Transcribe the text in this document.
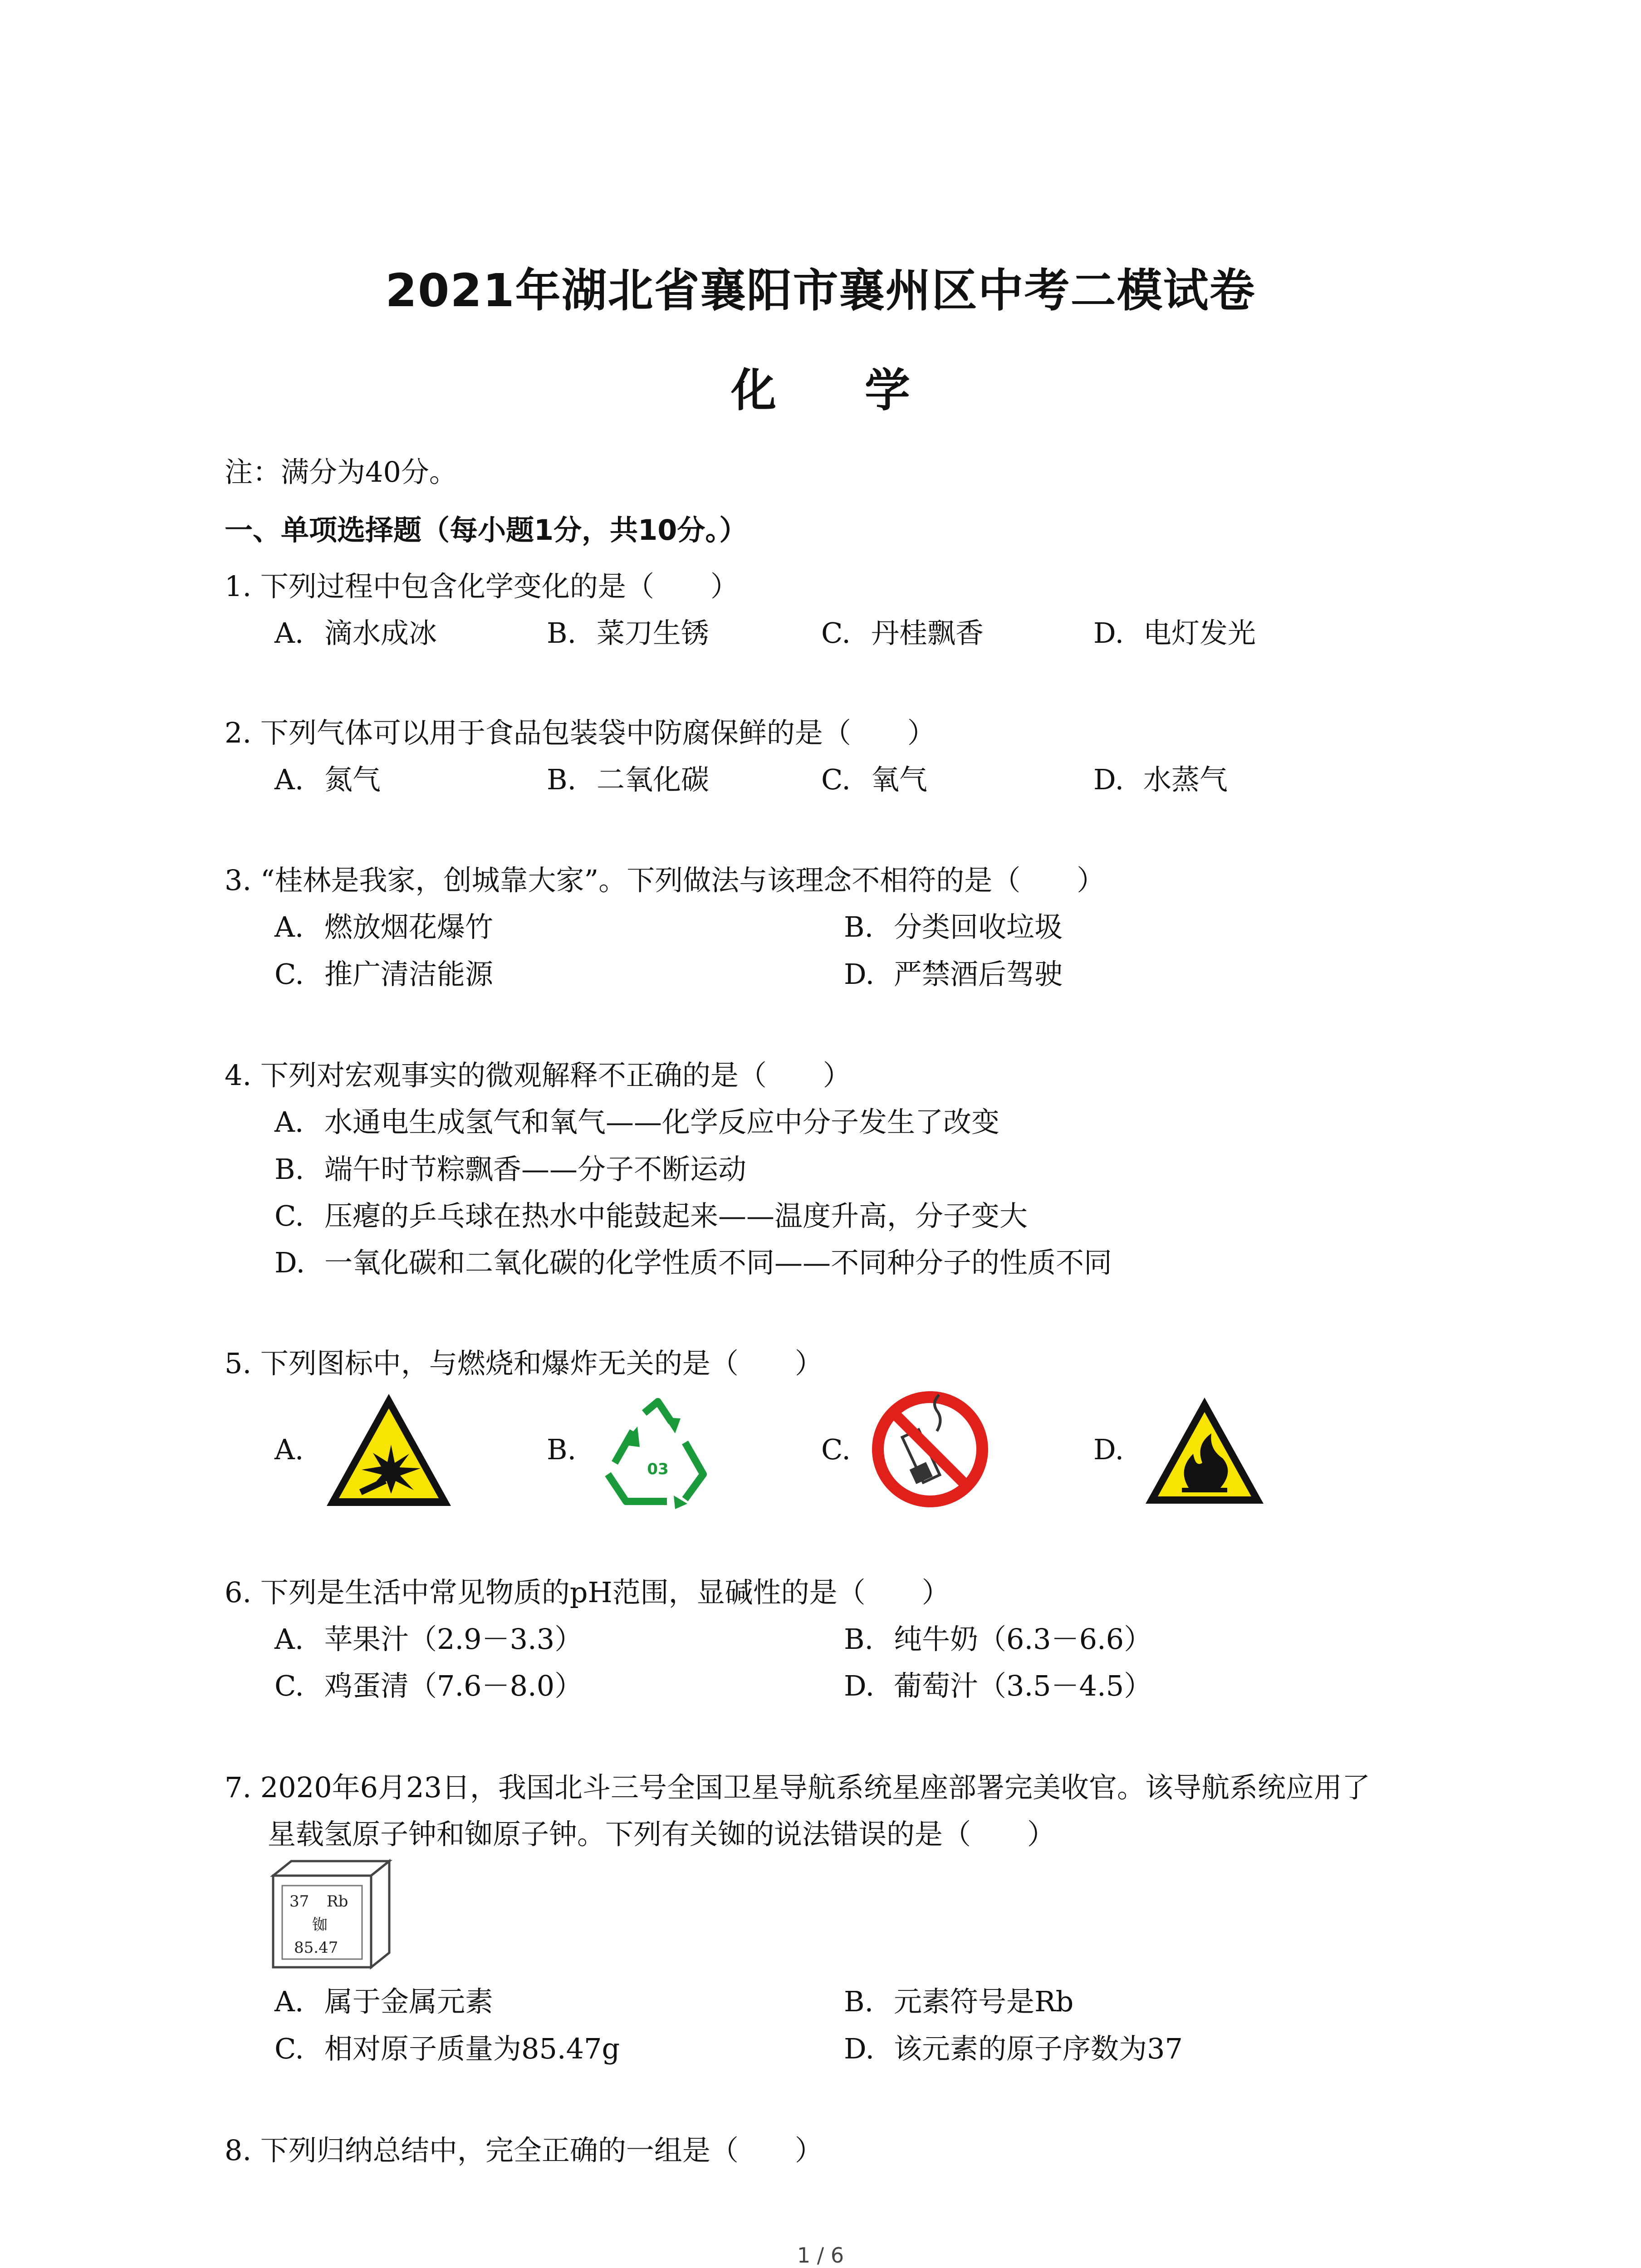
2021年湖北省襄阳市襄州区中考二模试卷
化 学
注：满分为40分。
一、单项选择题（每小题1分，共10分。）
1. 下列过程中包含化学变化的是（　　）
A. 滴水成冰	B. 菜刀生锈	C. 丹桂飘香	D. 电灯发光
2. 下列气体可以用于食品包装袋中防腐保鲜的是（　　）
A. 氮气	B. 二氧化碳	C. 氧气	D. 水蒸气
3. “桂林是我家，创城靠大家”。下列做法与该理念不相符的是（　　）
A. 燃放烟花爆竹	B. 分类回收垃圾
C. 推广清洁能源	D. 严禁酒后驾驶
4. 下列对宏观事实的微观解释不正确的是（　　）
A. 水通电生成氢气和氧气——化学反应中分子发生了改变
B. 端午时节粽飘香——分子不断运动
C. 压瘪的乒乓球在热水中能鼓起来——温度升高，分子变大
D. 一氧化碳和二氧化碳的化学性质不同——不同种分子的性质不同
5. 下列图标中，与燃烧和爆炸无关的是（　　）
A.	B.	C.	D.
03
6. 下列是生活中常见物质的pH范围，显碱性的是（　　）
A. 苹果汁（2.9－3.3）	B. 纯牛奶（6.3－6.6）
C. 鸡蛋清（7.6－8.0）	D. 葡萄汁（3.5－4.5）
7. 2020年6月23日，我国北斗三号全国卫星导航系统星座部署完美收官。该导航系统应用了
星载氢原子钟和铷原子钟。下列有关铷的说法错误的是（　　）
37 Rb
铷
85.47
A. 属于金属元素	B. 元素符号是Rb
C. 相对原子质量为85.47g	D. 该元素的原子序数为37
8. 下列归纳总结中，完全正确的一组是（　　）
1 / 6
